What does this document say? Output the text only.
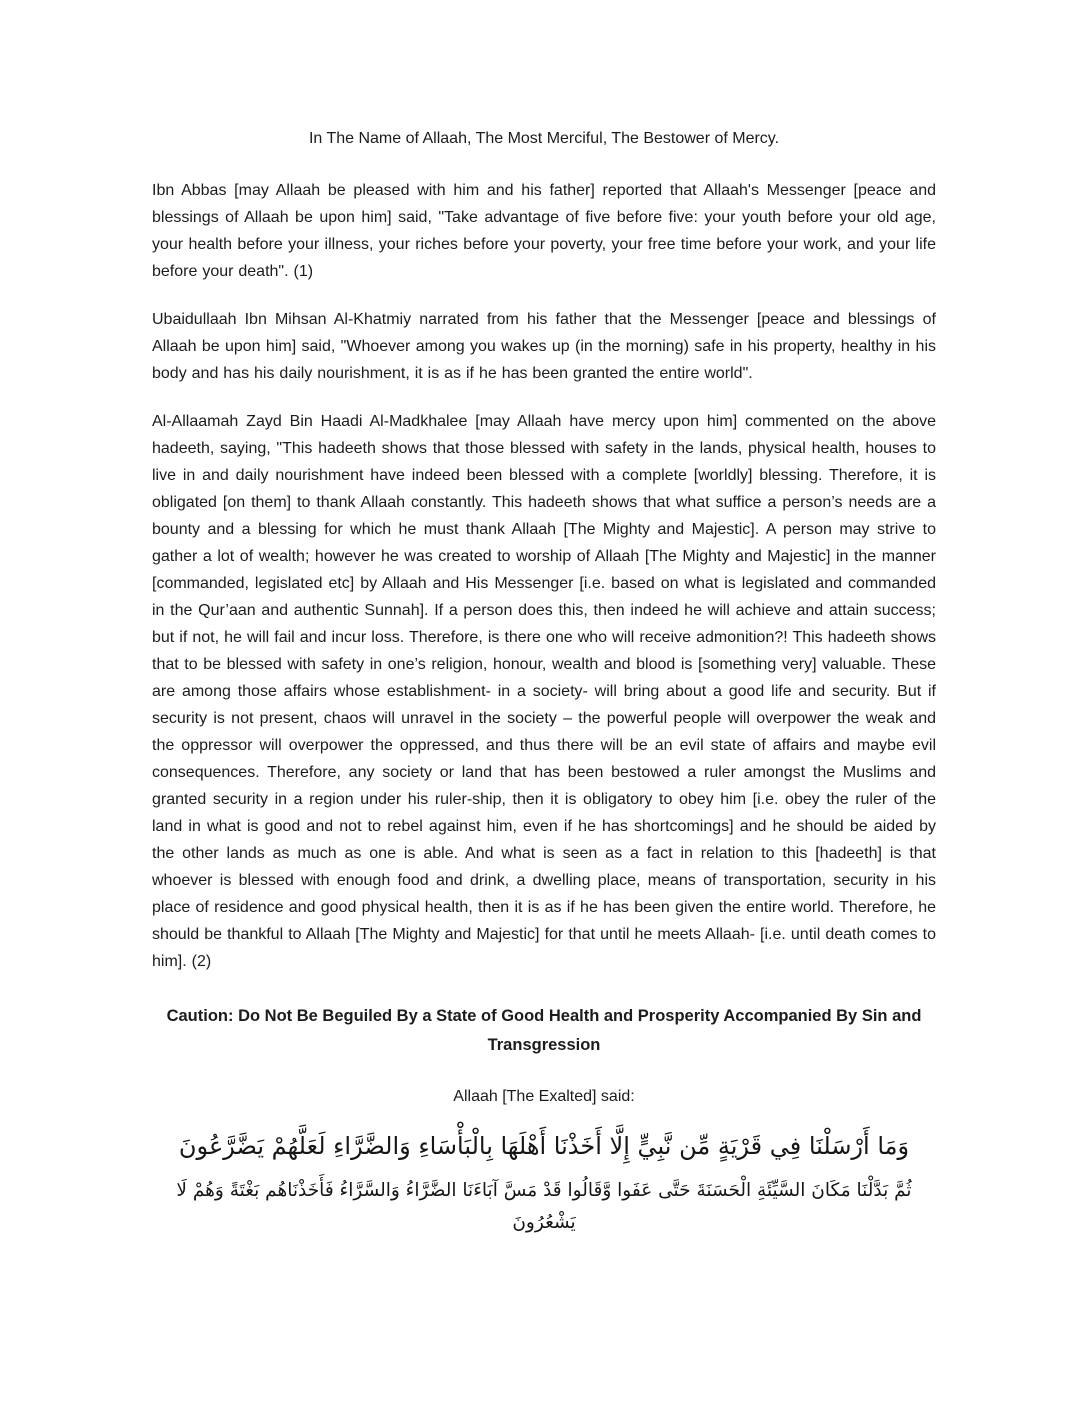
In The Name of Allaah, The Most Merciful, The Bestower of Mercy.

Ibn Abbas [may Allaah be pleased with him and his father] reported that Allaah's Messenger [peace and blessings of Allaah be upon him] said, "Take advantage of five before five: your youth before your old age, your health before your illness, your riches before your poverty, your free time before your work, and your life before your death". (1)

Ubaidullaah Ibn Mihsan Al-Khatmiy narrated from his father that the Messenger [peace and blessings of Allaah be upon him] said, "Whoever among you wakes up (in the morning) safe in his property, healthy in his body and has his daily nourishment, it is as if he has been granted the entire world".

Al-Allaamah Zayd Bin Haadi Al-Madkhalee [may Allaah have mercy upon him] commented on the above hadeeth, saying, "This hadeeth shows that those blessed with safety in the lands, physical health, houses to live in and daily nourishment have indeed been blessed with a complete [worldly] blessing. Therefore, it is obligated [on them] to thank Allaah constantly. This hadeeth shows that what suffice a person’s needs are a bounty and a blessing for which he must thank Allaah [The Mighty and Majestic]. A person may strive to gather a lot of wealth; however he was created to worship of Allaah [The Mighty and Majestic] in the manner [commanded, legislated etc] by Allaah and His Messenger [i.e. based on what is legislated and commanded in the Qur’aan and authentic Sunnah]. If a person does this, then indeed he will achieve and attain success; but if not, he will fail and incur loss. Therefore, is there one who will receive admonition?! This hadeeth shows that to be blessed with safety in one’s religion, honour, wealth and blood is [something very] valuable. These are among those affairs whose establishment- in a society- will bring about a good life and security. But if security is not present, chaos will unravel in the society – the powerful people will overpower the weak and the oppressor will overpower the oppressed, and thus there will be an evil state of affairs and maybe evil consequences. Therefore, any society or land that has been bestowed a ruler amongst the Muslims and granted security in a region under his ruler-ship, then it is obligatory to obey him [i.e. obey the ruler of the land in what is good and not to rebel against him, even if he has shortcomings] and he should be aided by the other lands as much as one is able. And what is seen as a fact in relation to this [hadeeth] is that whoever is blessed with enough food and drink, a dwelling place, means of transportation, security in his place of residence and good physical health, then it is as if he has been given the entire world. Therefore, he should be thankful to Allaah [The Mighty and Majestic] for that until he meets Allaah- [i.e. until death comes to him]. (2)

Caution: Do Not Be Beguiled By a State of Good Health and Prosperity Accompanied By Sin and Transgression
Allaah [The Exalted] said:
وَمَا أَرْسَلْنَا فِي قَرْيَةٍ مِّن نَّبِيٍّ إِلَّا أَخَذْنَا أَهْلَهَا بِالْبَأْسَاءِ وَالضَّرَّاءِ لَعَلَّهُمْ يَضَّرَّعُونَ
ثُمَّ بَدَّلْنَا مَكَانَ السَّيِّئَةِ الْحَسَنَةَ حَتَّى عَفَوا وَّقَالُوا قَدْ مَسَّ آبَاءَنَا الضَّرَّاءُ وَالسَّرَّاءُ فَأَخَذْنَاهُم بَغْتَةً وَهُمْ لَا يَشْعُرُونَ
